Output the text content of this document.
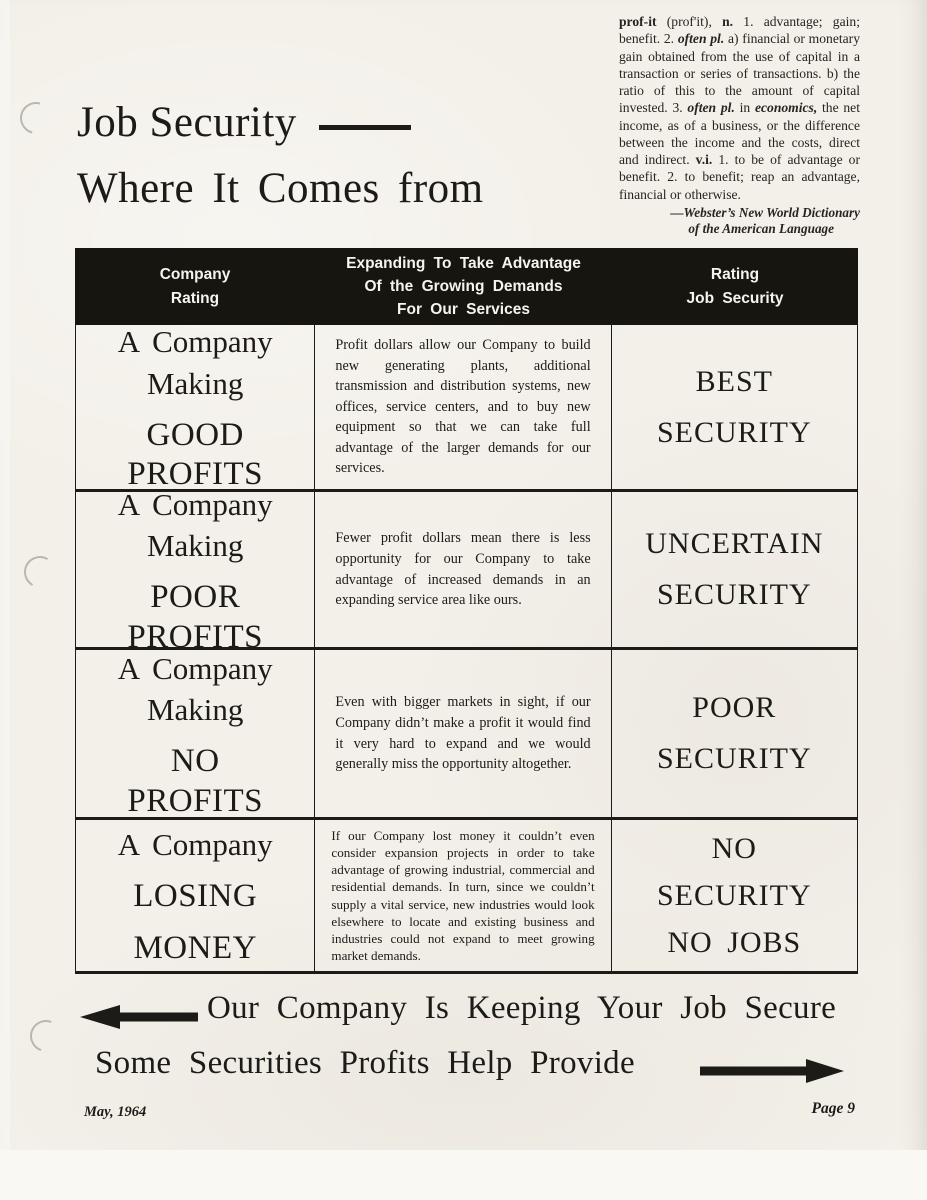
prof-it (prof'it), n. 1. advantage; gain; benefit. 2. often pl. a) financial or monetary gain obtained from the use of capital in a transaction or series of transactions. b) the ratio of this to the amount of capital invested. 3. often pl. in economics, the net income, as of a business, or the difference between the income and the costs, direct and indirect. v.i. 1. to be of advantage or benefit. 2. to benefit; reap an advantage, financial or otherwise.
—Webster’s New World Dictionary
of the American Language
Job Security
Where It Comes from
Company
Rating
Expanding To Take Advantage
Of the Growing Demands
For Our Services
Rating
Job Security
A Company
Making
GOOD
PROFITS

Profit dollars allow our Company to build new generating plants, additional transmission and distribution systems, new offices, service centers, and to buy new equipment so that we can take full advantage of the larger demands for our services.

BEST
SECURITY
A Company
Making
POOR
PROFITS

Fewer profit dollars mean there is less opportunity for our Company to take advantage of increased demands in an expanding service area like ours.

UNCERTAIN
SECURITY
A Company
Making
NO
PROFITS

Even with bigger markets in sight, if our Company didn’t make a profit it would find it very hard to expand and we would generally miss the opportunity altogether.

POOR
SECURITY
A Company
LOSING
MONEY

If our Company lost money it couldn’t even consider expansion projects in order to take advantage of growing industrial, commercial and residential demands. In turn, since we couldn’t supply a vital service, new industries would look elsewhere to locate and existing business and industries could not expand to meet growing market demands.

NO
SECURITY
NO JOBS
Our Company Is Keeping Your Job Secure
Some Securities Profits Help Provide
May, 1964	Page 9
